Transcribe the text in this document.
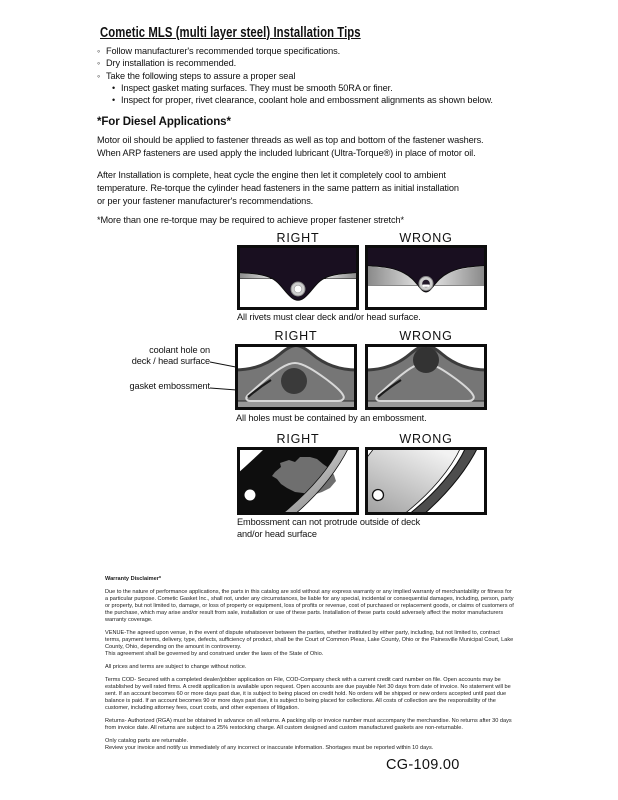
Cometic MLS (multi layer steel) Installation Tips
◦ Follow manufacturer's recommended torque specifications.
◦ Dry installation is recommended.
◦ Take the following steps to assure a proper seal
• Inspect gasket mating surfaces. They must be smooth 50RA or finer.
• Inspect for proper, rivet clearance, coolant hole and embossment alignments as shown below.
*For Diesel Applications*
Motor oil should be applied to fastener threads as well as top and bottom of the fastener washers.
When ARP fasteners are used apply the included lubricant (Ultra-Torque®) in place of motor oil.
After Installation is complete, heat cycle the engine then let it completely cool to ambient
temperature. Re-torque the cylinder head fasteners in the same pattern as initial installation
or per your fastener manufacturer's recommendations.
*More than one re-torque may be required to achieve proper fastener stretch*
RIGHT	WRONG
All rivets must clear deck and/or head surface.
RIGHT	WRONG
coolant hole on
deck / head surface
gasket embossment
All holes must be contained by an embossment.
RIGHT	WRONG
Embossment can not protrude outside of deck
and/or head surface
Warranty Disclaimer*

Due to the nature of performance applications, the parts in this catalog are sold without any express warranty or any implied warranty of merchantability or fitness for a particular purpose. Cometic Gasket Inc., shall not, under any circumstances, be liable for any special, incidental or consequential damages, including, person, party or property, but not limited to, damage, or loss of property or equipment, loss of profits or revenue, cost of purchased or replacement goods, or claims of customers of the purchase, which may arise and/or result from sale, installation or use of these parts. Installation of these parts could adversely affect the motor manufacturers warranty coverage.

VENUE-The agreed upon venue, in the event of dispute whatsoever between the parties, whether instituted by either party, including, but not limited to, contract terms, payment terms, delivery, type, defects, sufficiency of product, shall be the Court of Common Pleas, Lake County, Ohio or the Painesville Municipal Court, Lake County, Ohio, depending on the amount in controversy.

This agreement shall be governed by and construed under the laws of the State of Ohio.

All prices and terms are subject to change without notice.

Terms COD- Secured with a completed dealer/jobber application on File, COD-Company check with a current credit card number on file. Open accounts may be established by well rated firms. A credit application is available upon request. Open accounts are due payable Net 30 days from date of invoice. No statement will be sent. If an account becomes 60 or more days past due, it is subject to being placed on credit hold. No orders will be shipped or new orders accepted until past due balance is paid. If an account becomes 90 or more days past due, it is subject to being placed for collections. All costs of collection are the responsibility of the customer, including attorney fees, court costs, and other expenses of litigation.

Returns- Authorized (RGA) must be obtained in advance on all returns. A packing slip or invoice number must accompany the merchandise. No returns after 30 days from invoice date. All returns are subject to a 25% restocking charge. All custom designed and custom manufactured gaskets are non-returnable.

Only catalog parts are returnable.

Review your invoice and notify us immediately of any incorrect or inaccurate information. Shortages must be reported within 10 days.

CG-109.00
